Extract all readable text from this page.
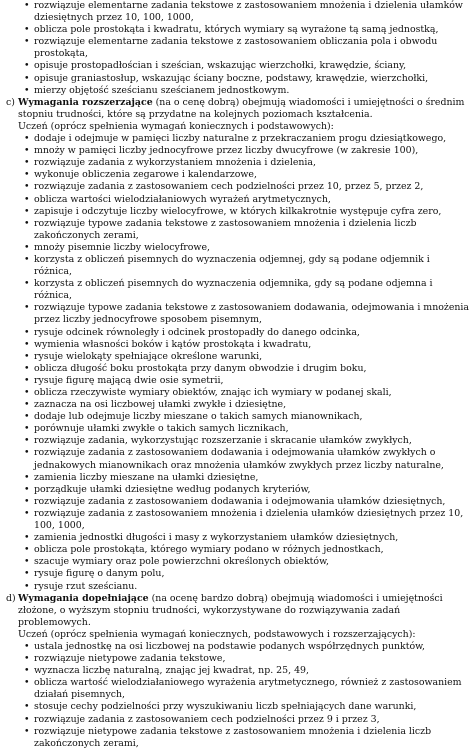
• rozwiązuje elementarne zadania tekstowe z zastosowaniem mnożenia i dzielenia ułamków dziesiętnych przez 10, 100, 1000,

• oblicza pole prostokąta i kwadratu, których wymiary są wyrażone tą samą jednostką,

• rozwiązuje elementarne zadania tekstowe z zastosowaniem obliczania pola i obwodu prostokąta,

• opisuje prostopadłościan i sześcian, wskazując wierzchołki, krawędzie, ściany,

• opisuje graniastosłup, wskazując ściany boczne, podstawy, krawędzie, wierzchołki,

• mierzy objętość sześcianu sześcianem jednostkowym.

c) Wymagania rozszerzające (na o cenę dobrą) obejmują wiadomości i umiejętności o średnim stopniu trudności, które są przydatne na kolejnych poziomach kształcenia.

Uczeń (oprócz spełnienia wymagań koniecznych i podstawowych):

• dodaje i odejmuje w pamięci liczby naturalne z przekraczaniem progu dziesiątkowego,

• mnoży w pamięci liczby jednocyfrowe przez liczby dwucyfrowe (w zakresie 100),

• rozwiązuje zadania z wykorzystaniem mnożenia i dzielenia,

• wykonuje obliczenia zegarowe i kalendarzowe,

• rozwiązuje zadania z zastosowaniem cech podzielności przez 10, przez 5, przez 2,

• oblicza wartości wielodziałaniowych wyrażeń arytmetycznych,

• zapisuje i odczytuje liczby wielocyfrowe, w których kilkakrotnie występuje cyfra zero,

• rozwiązuje typowe zadania tekstowe z zastosowaniem mnożenia i dzielenia liczb zakończonych zerami,

• mnoży pisemnie liczby wielocyfrowe,

• korzysta z obliczeń pisemnych do wyznaczenia odjemnej, gdy są podane odjemnik i różnica,

• korzysta z obliczeń pisemnych do wyznaczenia odjemnika, gdy są podane odjemna i różnica,

• rozwiązuje typowe zadania tekstowe z zastosowaniem dodawania, odejmowania i mnożenia przez liczby jednocyfrowe sposobem pisemnym,

• rysuje odcinek równoległy i odcinek prostopadły do danego odcinka,

• wymienia własności boków i kątów prostokąta i kwadratu,

• rysuje wielokąty spełniające określone warunki,

• oblicza długość boku prostokąta przy danym obwodzie i drugim boku,

• rysuje figurę mającą dwie osie symetrii,

• oblicza rzeczywiste wymiary obiektów, znając ich wymiary w podanej skali,

• zaznacza na osi liczbowej ułamki zwykłe i dziesiętne,

• dodaje lub odejmuje liczby mieszane o takich samych mianownikach,

• porównuje ułamki zwykłe o takich samych licznikach,

• rozwiązuje zadania, wykorzystując rozszerzanie i skracanie ułamków zwykłych,

• rozwiązuje zadania z zastosowaniem dodawania i odejmowania ułamków zwykłych o jednakowych mianownikach oraz mnożenia ułamków zwykłych przez liczby naturalne,

• zamienia liczby mieszane na ułamki dziesiętne,

• porządkuje ułamki dziesiętne według podanych kryteriów,

• rozwiązuje zadania z zastosowaniem dodawania i odejmowania ułamków dziesiętnych,

• rozwiązuje zadania z zastosowaniem mnożenia i dzielenia ułamków dziesiętnych przez 10, 100, 1000,

• zamienia jednostki długości i masy z wykorzystaniem ułamków dziesiętnych,

• oblicza pole prostokąta, którego wymiary podano w różnych jednostkach,

• szacuje wymiary oraz pole powierzchni określonych obiektów,

• rysuje figurę o danym polu,

• rysuje rzut sześcianu.

d) Wymagania dopełniające (na ocenę bardzo dobrą) obejmują wiadomości i umiejętności złożone, o wyższym stopniu trudności, wykorzystywane do rozwiązywania zadań problemowych.

Uczeń (oprócz spełnienia wymagań koniecznych, podstawowych i rozszerzających):

• ustala jednostkę na osi liczbowej na podstawie podanych współrzędnych punktów,

• rozwiązuje nietypowe zadania tekstowe,

• wyznacza liczbę naturalną, znając jej kwadrat, np. 25, 49,

• oblicza wartość wielodziałaniowego wyrażenia arytmetycznego, również z zastosowaniem działań pisemnych,

• stosuje cechy podzielności przy wyszukiwaniu liczb spełniających dane warunki,

• rozwiązuje zadania z zastosowaniem cech podzielności przez 9 i przez 3,

• rozwiązuje nietypowe zadania tekstowe z zastosowaniem mnożenia i dzielenia liczb zakończonych zerami,
